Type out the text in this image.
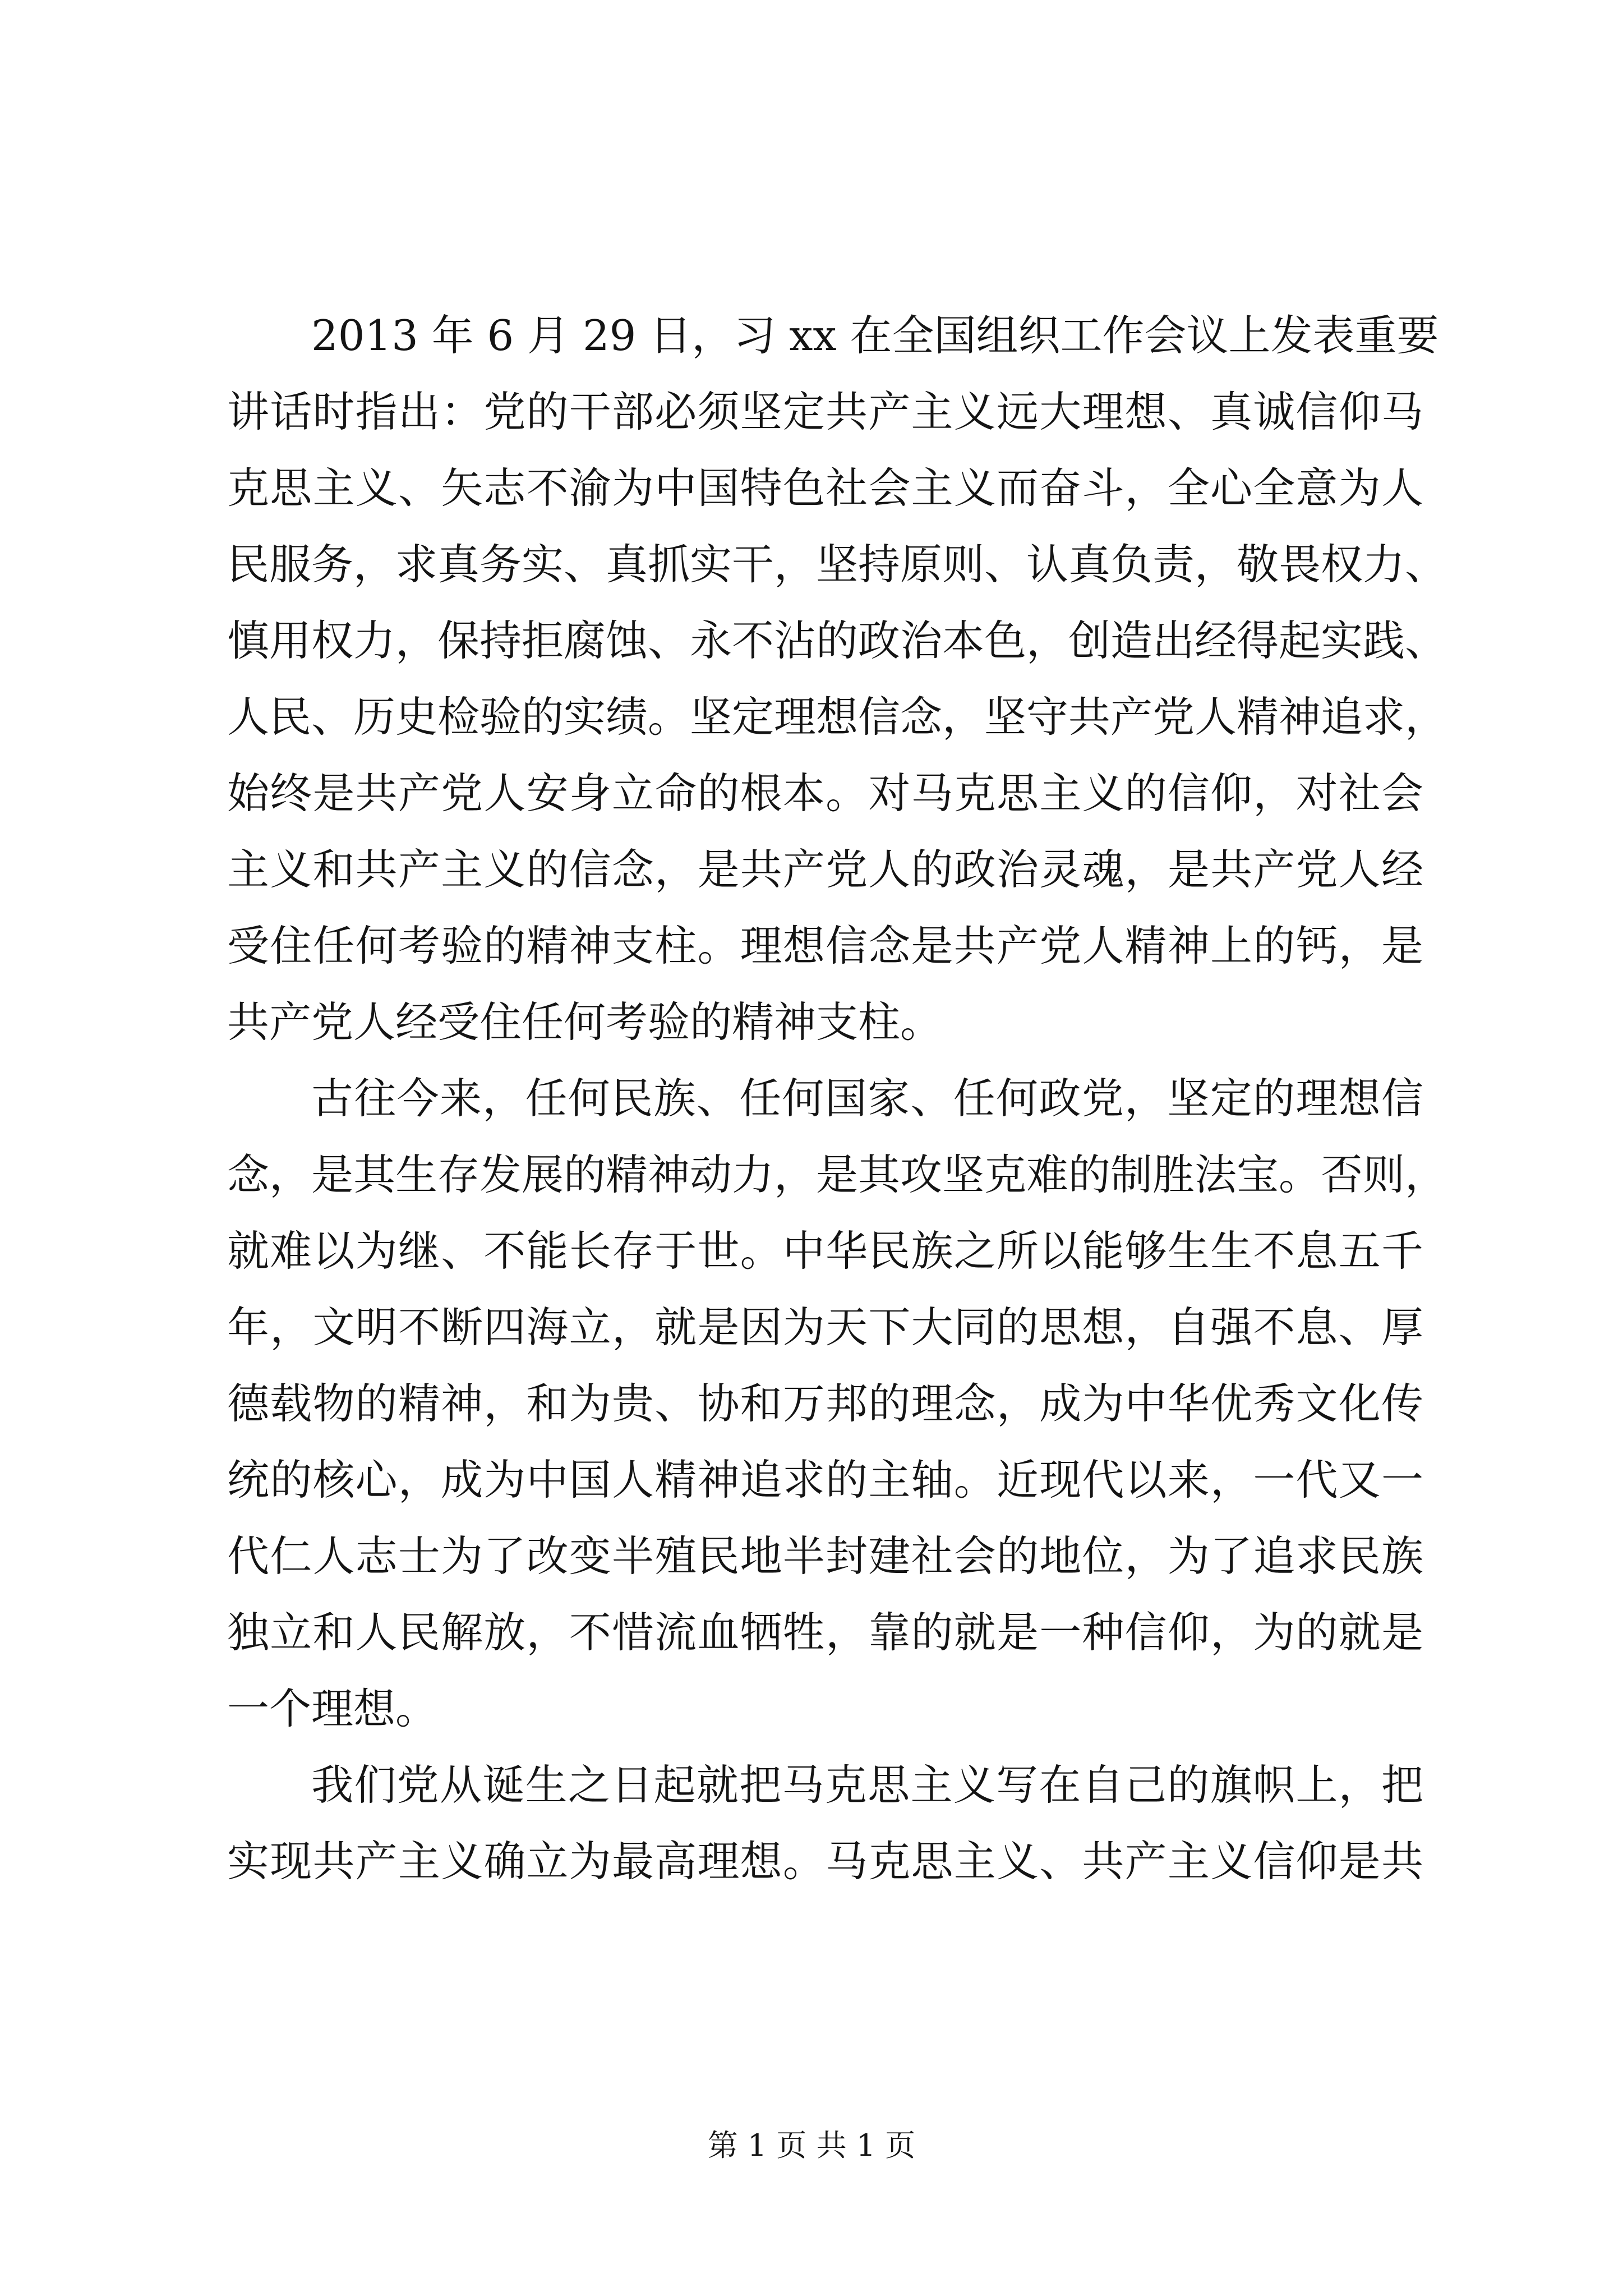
2013 年 6 月 29 日，习 xx 在全国组织工作会议上发表重要
讲话时指出：党的干部必须坚定共产主义远大理想、真诚信仰马
克思主义、矢志不渝为中国特色社会主义而奋斗，全心全意为人
民服务，求真务实、真抓实干，坚持原则、认真负责，敬畏权力、
慎用权力，保持拒腐蚀、永不沾的政治本色，创造出经得起实践、
人民、历史检验的实绩。坚定理想信念，坚守共产党人精神追求，
始终是共产党人安身立命的根本。对马克思主义的信仰，对社会
主义和共产主义的信念，是共产党人的政治灵魂，是共产党人经
受住任何考验的精神支柱。理想信念是共产党人精神上的钙，是
共产党人经受住任何考验的精神支柱。

古往今来，任何民族、任何国家、任何政党，坚定的理想信
念，是其生存发展的精神动力，是其攻坚克难的制胜法宝。否则，
就难以为继、不能长存于世。中华民族之所以能够生生不息五千
年，文明不断四海立，就是因为天下大同的思想，自强不息、厚
德载物的精神，和为贵、协和万邦的理念，成为中华优秀文化传
统的核心，成为中国人精神追求的主轴。近现代以来，一代又一
代仁人志士为了改变半殖民地半封建社会的地位，为了追求民族
独立和人民解放，不惜流血牺牲，靠的就是一种信仰，为的就是
一个理想。

我们党从诞生之日起就把马克思主义写在自己的旗帜上，把
实现共产主义确立为最高理想。马克思主义、共产主义信仰是共

第 1 页 共 1 页
